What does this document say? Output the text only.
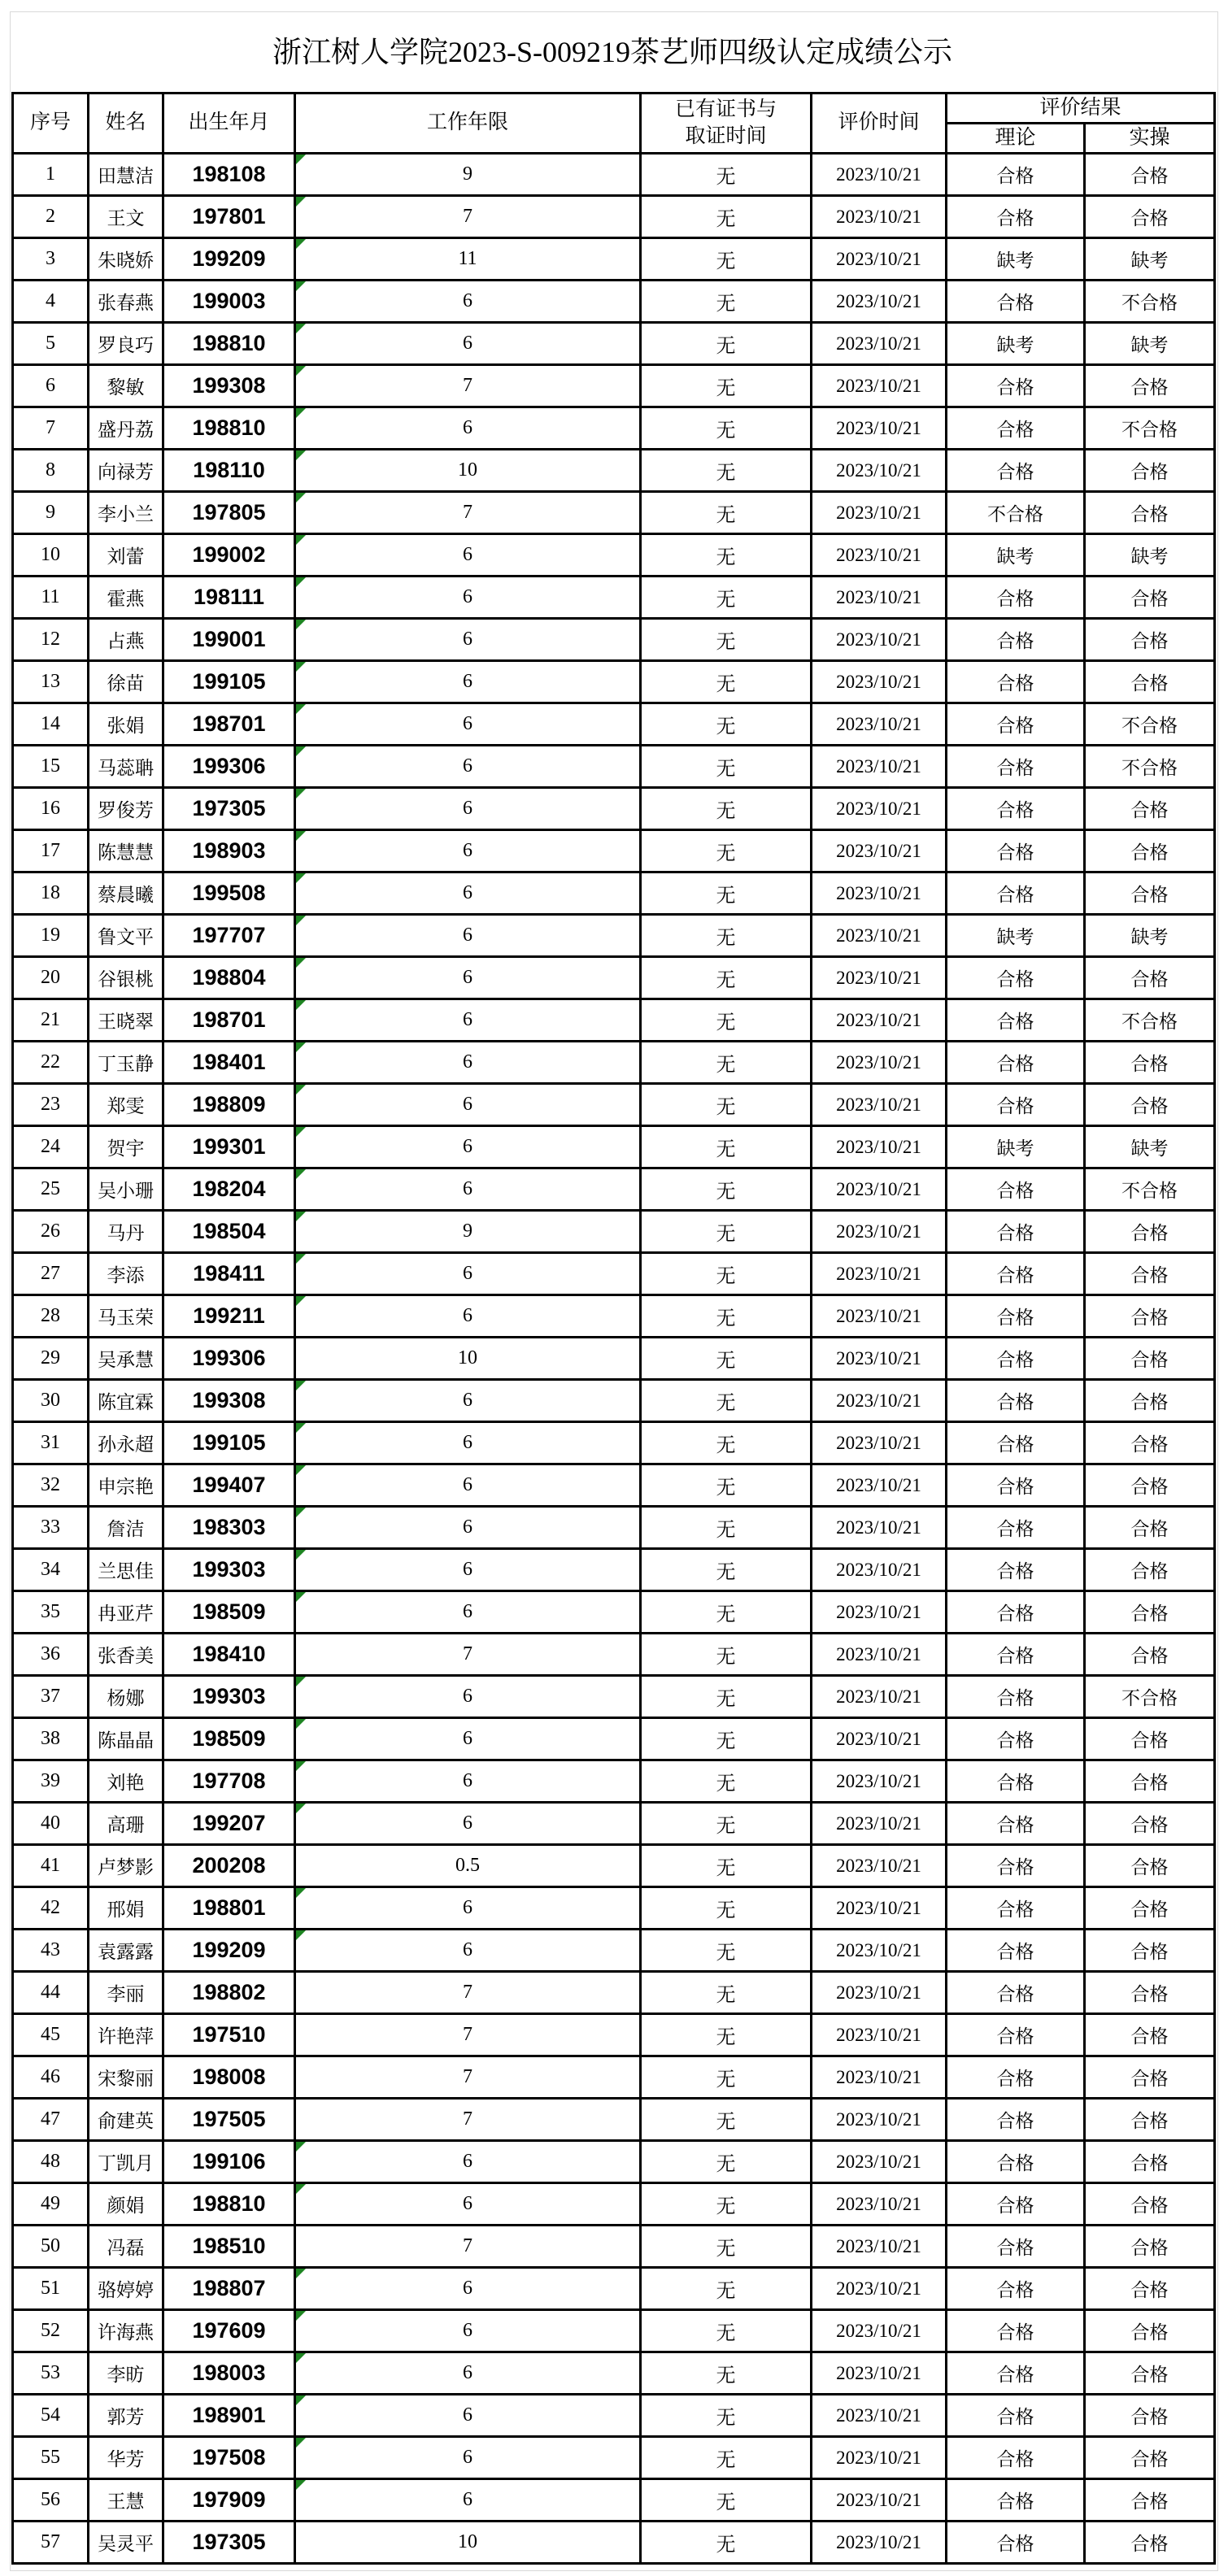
浙江树人学院2023-S-009219茶艺师四级认定成绩公示
序号	姓名	出生年月	工作年限	已有证书与
取证时间	评价时间	评价结果	
						理论	实操
1	田慧洁	198108	9	无	2023/10/21	合格	合格
2	王文	197801	7	无	2023/10/21	合格	合格
3	朱晓娇	199209	11	无	2023/10/21	缺考	缺考
4	张春燕	199003	6	无	2023/10/21	合格	不合格
5	罗良巧	198810	6	无	2023/10/21	缺考	缺考
6	黎敏	199308	7	无	2023/10/21	合格	合格
7	盛丹荔	198810	6	无	2023/10/21	合格	不合格
8	向禄芳	198110	10	无	2023/10/21	合格	合格
9	李小兰	197805	7	无	2023/10/21	不合格	合格
10	刘蕾	199002	6	无	2023/10/21	缺考	缺考
11	霍燕	198111	6	无	2023/10/21	合格	合格
12	占燕	199001	6	无	2023/10/21	合格	合格
13	徐苗	199105	6	无	2023/10/21	合格	合格
14	张娟	198701	6	无	2023/10/21	合格	不合格
15	马蕊聃	199306	6	无	2023/10/21	合格	不合格
16	罗俊芳	197305	6	无	2023/10/21	合格	合格
17	陈慧慧	198903	6	无	2023/10/21	合格	合格
18	蔡晨曦	199508	6	无	2023/10/21	合格	合格
19	鲁文平	197707	6	无	2023/10/21	缺考	缺考
20	谷银桃	198804	6	无	2023/10/21	合格	合格
21	王晓翠	198701	6	无	2023/10/21	合格	不合格
22	丁玉静	198401	6	无	2023/10/21	合格	合格
23	郑雯	198809	6	无	2023/10/21	合格	合格
24	贺宇	199301	6	无	2023/10/21	缺考	缺考
25	吴小珊	198204	6	无	2023/10/21	合格	不合格
26	马丹	198504	9	无	2023/10/21	合格	合格
27	李添	198411	6	无	2023/10/21	合格	合格
28	马玉荣	199211	6	无	2023/10/21	合格	合格
29	吴承慧	199306	10	无	2023/10/21	合格	合格
30	陈宜霖	199308	6	无	2023/10/21	合格	合格
31	孙永超	199105	6	无	2023/10/21	合格	合格
32	申宗艳	199407	6	无	2023/10/21	合格	合格
33	詹洁	198303	6	无	2023/10/21	合格	合格
34	兰思佳	199303	6	无	2023/10/21	合格	合格
35	冉亚芹	198509	6	无	2023/10/21	合格	合格
36	张香美	198410	7	无	2023/10/21	合格	合格
37	杨娜	199303	6	无	2023/10/21	合格	不合格
38	陈晶晶	198509	6	无	2023/10/21	合格	合格
39	刘艳	197708	6	无	2023/10/21	合格	合格
40	高珊	199207	6	无	2023/10/21	合格	合格
41	卢梦影	200208	0.5	无	2023/10/21	合格	合格
42	邢娟	198801	6	无	2023/10/21	合格	合格
43	袁露露	199209	6	无	2023/10/21	合格	合格
44	李丽	198802	7	无	2023/10/21	合格	合格
45	许艳萍	197510	7	无	2023/10/21	合格	合格
46	宋黎丽	198008	7	无	2023/10/21	合格	合格
47	俞建英	197505	7	无	2023/10/21	合格	合格
48	丁凯月	199106	6	无	2023/10/21	合格	合格
49	颜娟	198810	6	无	2023/10/21	合格	合格
50	冯磊	198510	7	无	2023/10/21	合格	合格
51	骆婷婷	198807	6	无	2023/10/21	合格	合格
52	许海燕	197609	6	无	2023/10/21	合格	合格
53	李昉	198003	6	无	2023/10/21	合格	合格
54	郭芳	198901	6	无	2023/10/21	合格	合格
55	华芳	197508	6	无	2023/10/21	合格	合格
56	王慧	197909	6	无	2023/10/21	合格	合格
57	吴灵平	197305	10	无	2023/10/21	合格	合格
